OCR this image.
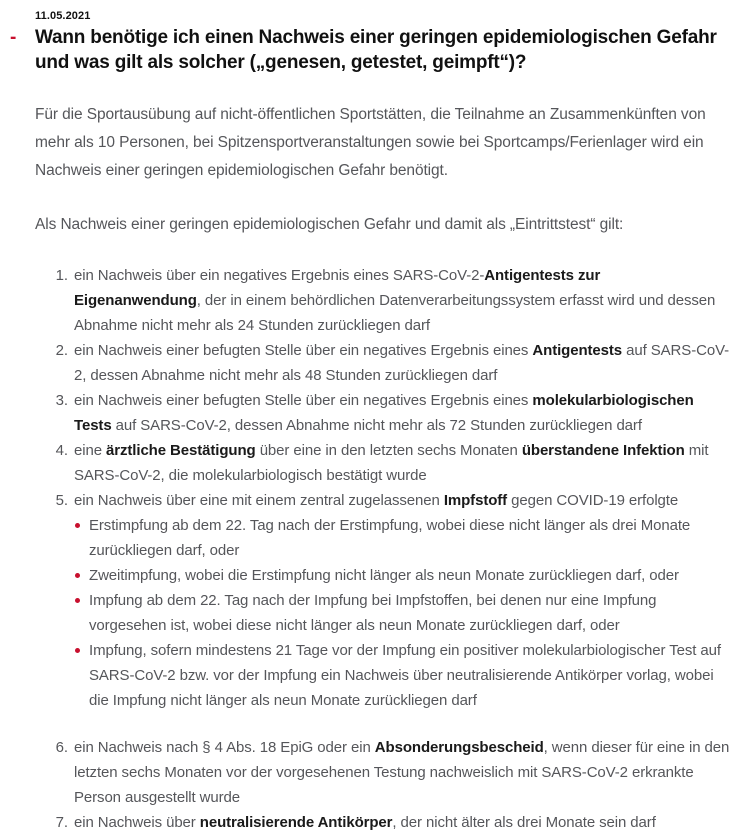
11.05.2021
- Wann benötige ich einen Nachweis einer geringen epidemiologischen Gefahr und was gilt als solcher („genesen, getestet, geimpft“)?

Für die Sportausübung auf nicht-öffentlichen Sportstätten, die Teilnahme an Zusammenkünften von mehr als 10 Personen, bei Spitzensportveranstaltungen sowie bei Sportcamps/Ferienlager wird ein Nachweis einer geringen epidemiologischen Gefahr benötigt.

Als Nachweis einer geringen epidemiologischen Gefahr und damit als „Eintrittstest“ gilt:

1. ein Nachweis über ein negatives Ergebnis eines SARS-CoV-2-Antigentests zur Eigenanwendung, der in einem behördlichen Datenverarbeitungssystem erfasst wird und dessen Abnahme nicht mehr als 24 Stunden zurückliegen darf
2. ein Nachweis einer befugten Stelle über ein negatives Ergebnis eines Antigentests auf SARS-CoV-2, dessen Abnahme nicht mehr als 48 Stunden zurückliegen darf
3. ein Nachweis einer befugten Stelle über ein negatives Ergebnis eines molekularbiologischen Tests auf SARS-CoV-2, dessen Abnahme nicht mehr als 72 Stunden zurückliegen darf
4. eine ärztliche Bestätigung über eine in den letzten sechs Monaten überstandene Infektion mit SARS-CoV-2, die molekularbiologisch bestätigt wurde
5. ein Nachweis über eine mit einem zentral zugelassenen Impfstoff gegen COVID-19 erfolgte
Erstimpfung ab dem 22. Tag nach der Erstimpfung, wobei diese nicht länger als drei Monate zurückliegen darf, oder
Zweitimpfung, wobei die Erstimpfung nicht länger als neun Monate zurückliegen darf, oder
Impfung ab dem 22. Tag nach der Impfung bei Impfstoffen, bei denen nur eine Impfung vorgesehen ist, wobei diese nicht länger als neun Monate zurückliegen darf, oder
Impfung, sofern mindestens 21 Tage vor der Impfung ein positiver molekularbiologischer Test auf SARS-CoV-2 bzw. vor der Impfung ein Nachweis über neutralisierende Antikörper vorlag, wobei die Impfung nicht länger als neun Monate zurückliegen darf
6. ein Nachweis nach § 4 Abs. 18 EpiG oder ein Absonderungsbescheid, wenn dieser für eine in den letzten sechs Monaten vor der vorgesehenen Testung nachweislich mit SARS-CoV-2 erkrankte Person ausgestellt wurde
7. ein Nachweis über neutralisierende Antikörper, der nicht älter als drei Monate sein darf
